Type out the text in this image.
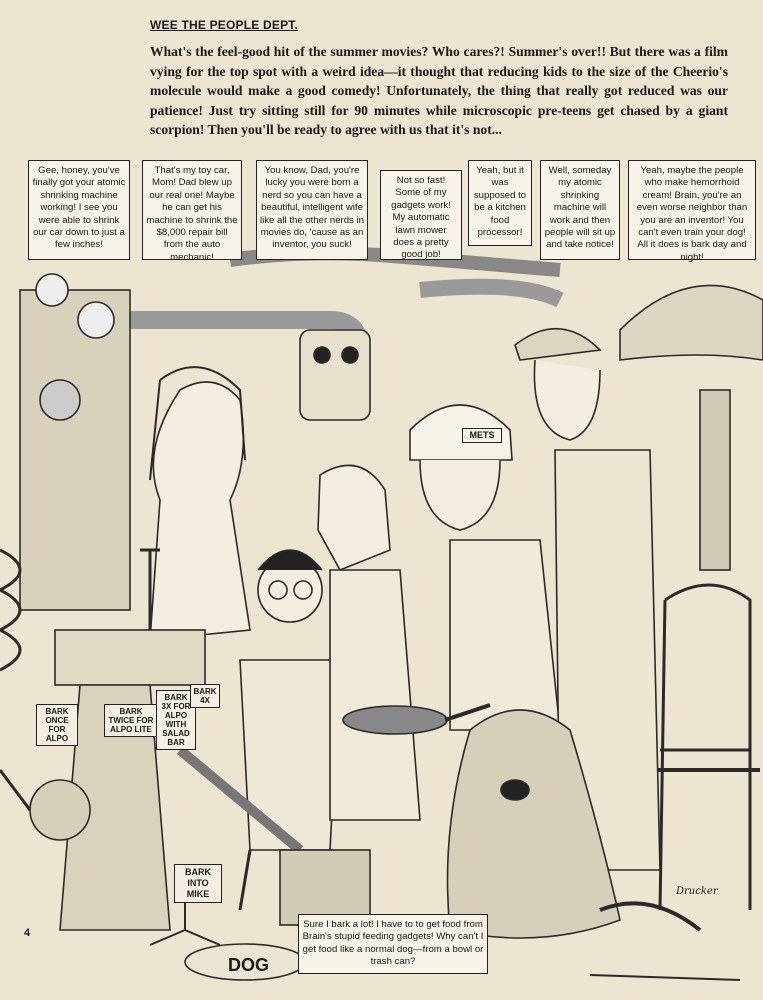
WEE THE PEOPLE DEPT.
What's the feel-good hit of the summer movies? Who cares?! Summer's over!! But there was a film vying for the top spot with a weird idea—it thought that reducing kids to the size of the Cheerio's molecule would make a good comedy! Unfortunately, the thing that really got reduced was our patience! Just try sitting still for 90 minutes while microscopic pre-teens get chased by a giant scorpion! Then you'll be ready to agree with us that it's not...
Gee, honey, you've finally got your atomic shrinking machine working! I see you were able to shrink our car down to just a few inches!
That's my toy car, Mom! Dad blew up our real one! Maybe he can get his machine to shrink the $8,000 repair bill from the auto mechanic!
You know, Dad, you're lucky you were born a nerd so you can have a beautiful, intelligent wife like all the other nerds in movies do, 'cause as an inventor, you suck!
Not so fast! Some of my gadgets work! My automatic lawn mower does a pretty good job!
Yeah, but it was supposed to be a kitchen food processor!
Well, someday my atomic shrinking machine will work and then people will sit up and take notice!
Yeah, maybe the people who make hemorrhoid cream! Brain, you're an even worse neighbor than you are an inventor! You can't even train your dog! All it does is bark day and night!
Sure I bark a lot! I have to to get food from Brain's stupid feeding gadgets! Why can't I get food like a normal dog—from a bowl or trash can?
BARK ONCE FOR ALPO
BARK TWICE FOR ALPO LITE
BARK 3X FOR ALPO WITH SALAD BAR
BARK 4X
BARK INTO MIKE
METS
DOG
4
Drucker
